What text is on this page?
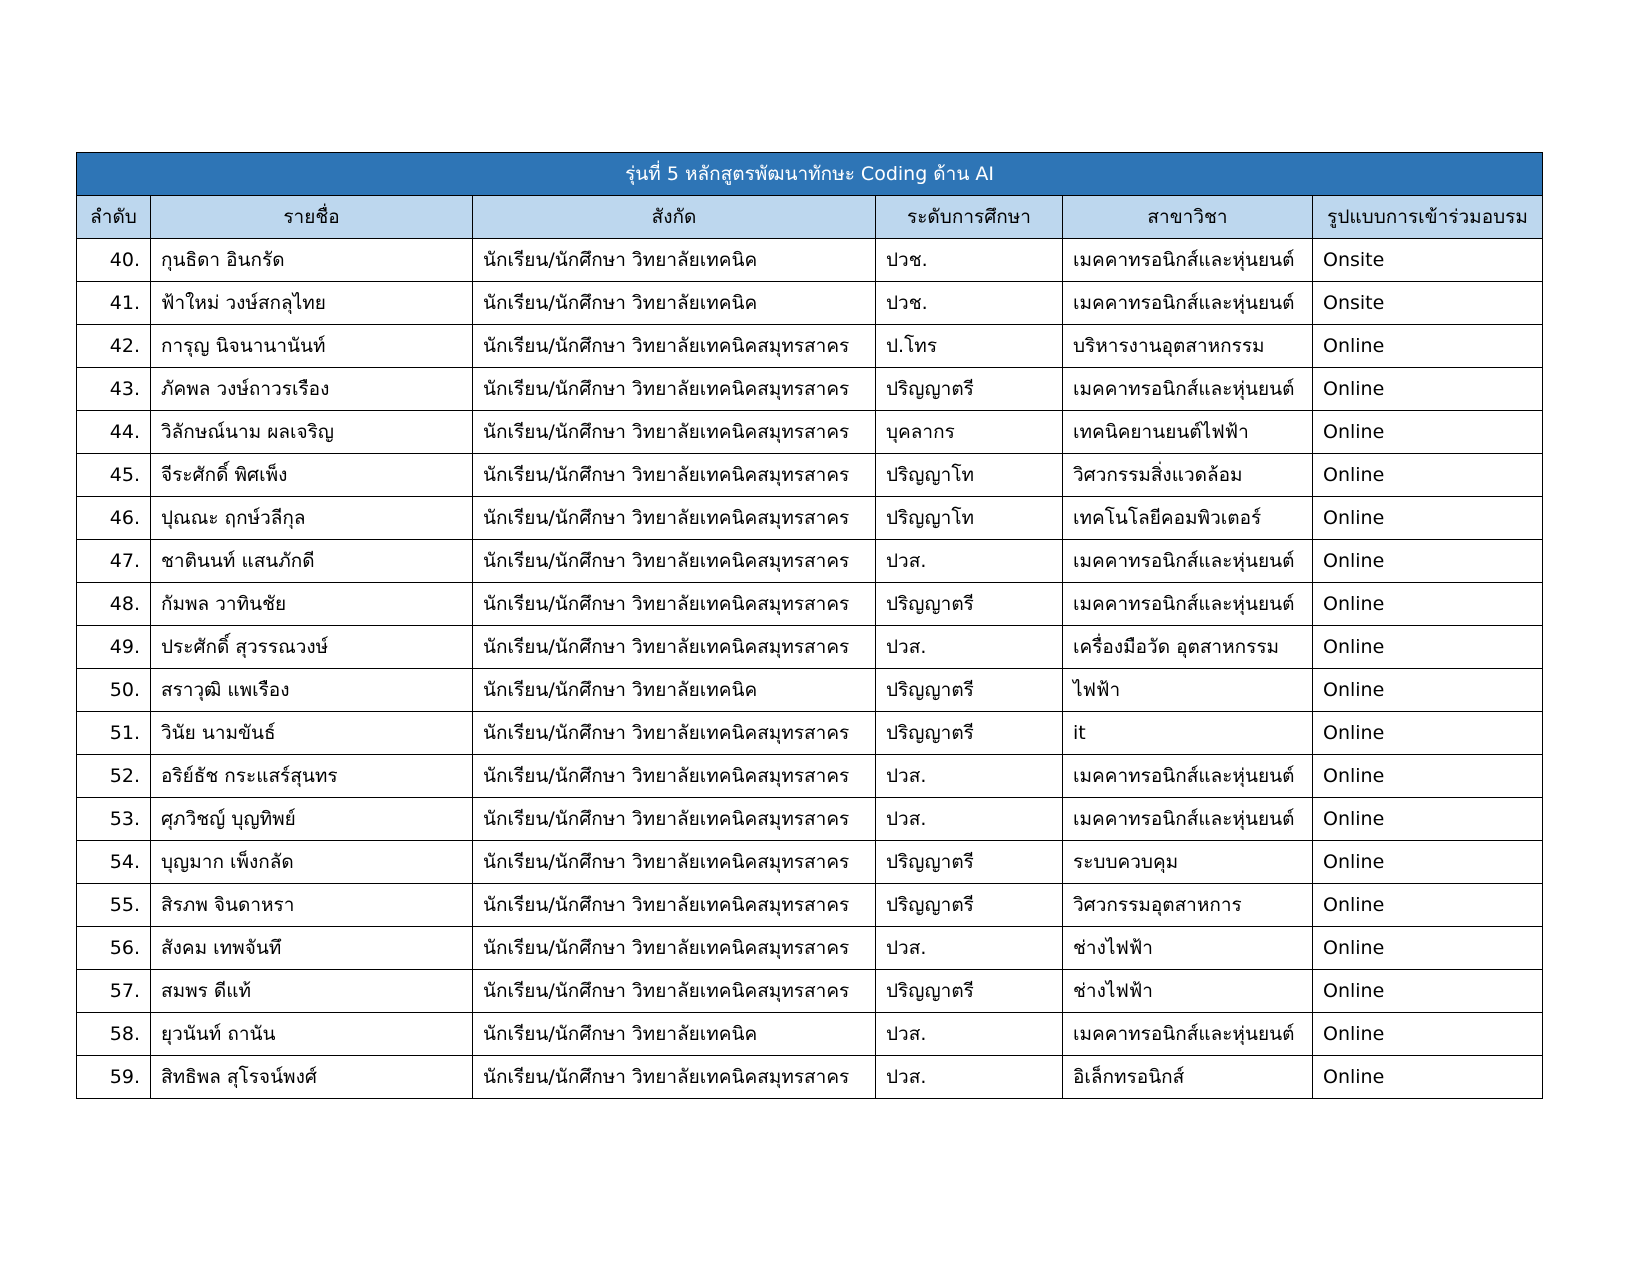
รุ่นที่ 5 หลักสูตรพัฒนาทักษะ Coding ด้าน AI					
ลำดับ	รายชื่อ	สังกัด	ระดับการศึกษา	สาขาวิชา	รูปแบบการเข้าร่วมอบรม
40.	กุนธิดา อินกรัด	นักเรียน/นักศึกษา วิทยาลัยเทคนิค	ปวช.	เมคคาทรอนิกส์และหุ่นยนต์	Onsite
41.	ฟ้าใหม่ วงษ์สกลุไทย	นักเรียน/นักศึกษา วิทยาลัยเทคนิค	ปวช.	เมคคาทรอนิกส์และหุ่นยนต์	Onsite
42.	การุญ นิจนานานันท์	นักเรียน/นักศึกษา วิทยาลัยเทคนิคสมุทรสาคร	ป.โทร	บริหารงานอุตสาหกรรม	Online
43.	ภัคพล วงษ์ถาวรเรือง	นักเรียน/นักศึกษา วิทยาลัยเทคนิคสมุทรสาคร	ปริญญาตรี	เมคคาทรอนิกส์และหุ่นยนต์	Online
44.	วิลักษณ์นาม ผลเจริญ	นักเรียน/นักศึกษา วิทยาลัยเทคนิคสมุทรสาคร	บุคลากร	เทคนิคยานยนต์ไฟฟ้า	Online
45.	จีระศักดิ์ พิศเพ็ง	นักเรียน/นักศึกษา วิทยาลัยเทคนิคสมุทรสาคร	ปริญญาโท	วิศวกรรมสิ่งแวดล้อม	Online
46.	ปุณณะ ฤกษ์วลีกุล	นักเรียน/นักศึกษา วิทยาลัยเทคนิคสมุทรสาคร	ปริญญาโท	เทคโนโลยีคอมพิวเตอร์	Online
47.	ชาตินนท์ แสนภักดี	นักเรียน/นักศึกษา วิทยาลัยเทคนิคสมุทรสาคร	ปวส.	เมคคาทรอนิกส์และหุ่นยนต์	Online
48.	กัมพล วาทินชัย	นักเรียน/นักศึกษา วิทยาลัยเทคนิคสมุทรสาคร	ปริญญาตรี	เมคคาทรอนิกส์และหุ่นยนต์	Online
49.	ประศักดิ์ สุวรรณวงษ์	นักเรียน/นักศึกษา วิทยาลัยเทคนิคสมุทรสาคร	ปวส.	เครื่องมือวัด อุตสาหกรรม	Online
50.	สราวุฒิ แพเรือง	นักเรียน/นักศึกษา วิทยาลัยเทคนิค	ปริญญาตรี	ไฟฟ้า	Online
51.	วินัย นามขันธ์	นักเรียน/นักศึกษา วิทยาลัยเทคนิคสมุทรสาคร	ปริญญาตรี	it	Online
52.	อริย์ธัช กระแสร์สุนทร	นักเรียน/นักศึกษา วิทยาลัยเทคนิคสมุทรสาคร	ปวส.	เมคคาทรอนิกส์และหุ่นยนต์	Online
53.	ศุภวิชญ์ บุญทิพย์	นักเรียน/นักศึกษา วิทยาลัยเทคนิคสมุทรสาคร	ปวส.	เมคคาทรอนิกส์และหุ่นยนต์	Online
54.	บุญมาก เพ็งกลัด	นักเรียน/นักศึกษา วิทยาลัยเทคนิคสมุทรสาคร	ปริญญาตรี	ระบบควบคุม	Online
55.	สิรภพ จินดาหรา	นักเรียน/นักศึกษา วิทยาลัยเทคนิคสมุทรสาคร	ปริญญาตรี	วิศวกรรมอุตสาหการ	Online
56.	สังคม เทพจันทึ	นักเรียน/นักศึกษา วิทยาลัยเทคนิคสมุทรสาคร	ปวส.	ช่างไฟฟ้า	Online
57.	สมพร ดีแท้	นักเรียน/นักศึกษา วิทยาลัยเทคนิคสมุทรสาคร	ปริญญาตรี	ช่างไฟฟ้า	Online
58.	ยุวนันท์ ถานัน	นักเรียน/นักศึกษา วิทยาลัยเทคนิค	ปวส.	เมคคาทรอนิกส์และหุ่นยนต์	Online
59.	สิทธิพล สุโรจน์พงศ์	นักเรียน/นักศึกษา วิทยาลัยเทคนิคสมุทรสาคร	ปวส.	อิเล็กทรอนิกส์	Online
